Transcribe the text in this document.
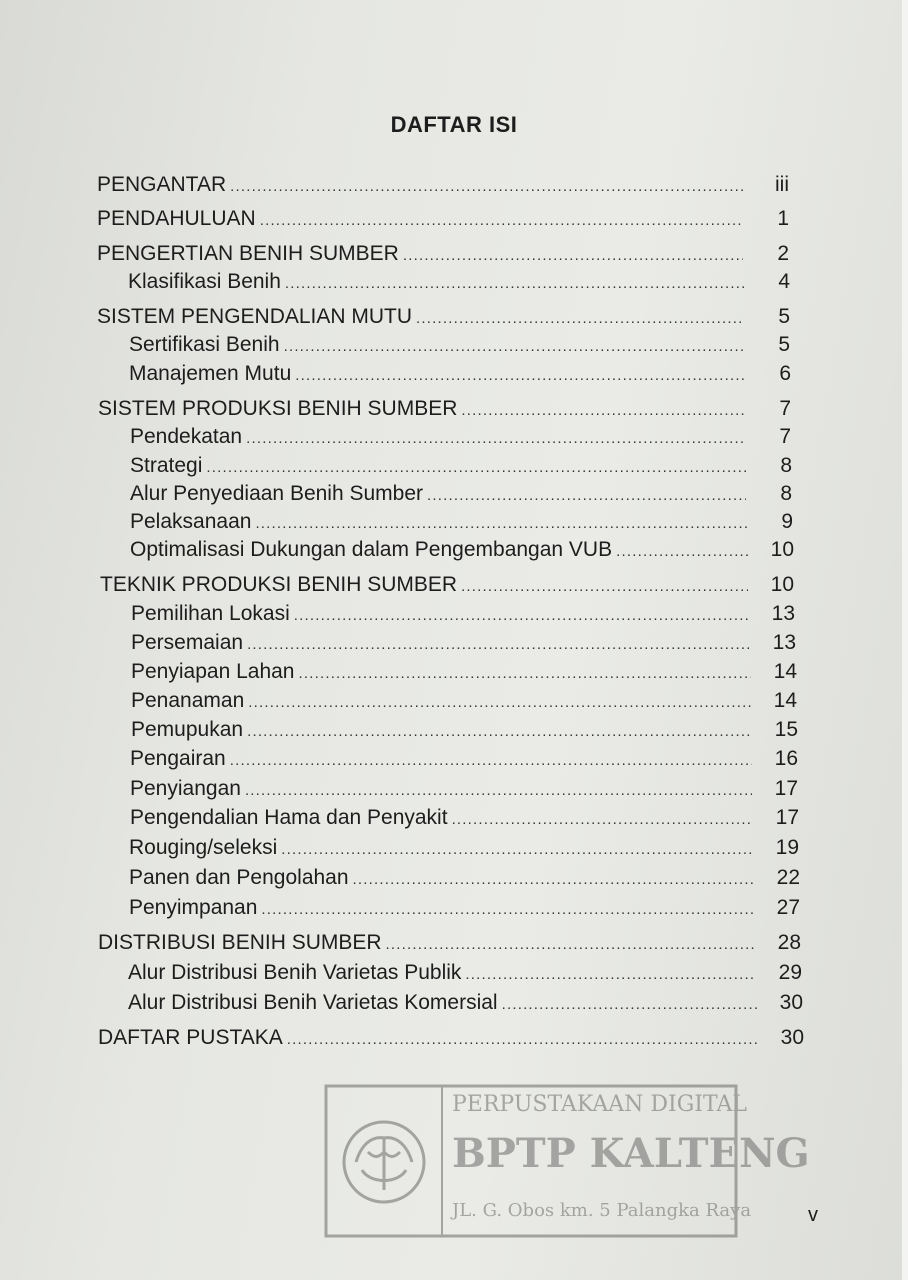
DAFTAR ISI
PENGANTAR .....	iii
PENDAHULUAN .....	1
PENGERTIAN BENIH SUMBER .....	2
Klasifikasi Benih .....	4
SISTEM PENGENDALIAN MUTU .....	5
Sertifikasi Benih .....	5
Manajemen Mutu .....	6
SISTEM PRODUKSI BENIH SUMBER .....	7
Pendekatan .....	7
Strategi .....	8
Alur Penyediaan Benih Sumber .....	8
Pelaksanaan .....	9
Optimalisasi Dukungan dalam Pengembangan VUB .....	10
TEKNIK PRODUKSI BENIH SUMBER .....	10
Pemilihan Lokasi .....	13
Persemaian .....	13
Penyiapan Lahan .....	14
Penanaman .....	14
Pemupukan .....	15
Pengairan .....	16
Penyiangan .....	17
Pengendalian Hama dan Penyakit .....	17
Rouging/seleksi .....	19
Panen dan Pengolahan .....	22
Penyimpanan .....	27
DISTRIBUSI BENIH SUMBER .....	28
Alur Distribusi Benih Varietas Publik .....	29
Alur Distribusi Benih Varietas Komersial .....	30
DAFTAR PUSTAKA .....	30
PERPUSTAKAAN DIGITAL
BPTP KALTENG
JL. G. Obos km. 5 Palangka Raya	v
